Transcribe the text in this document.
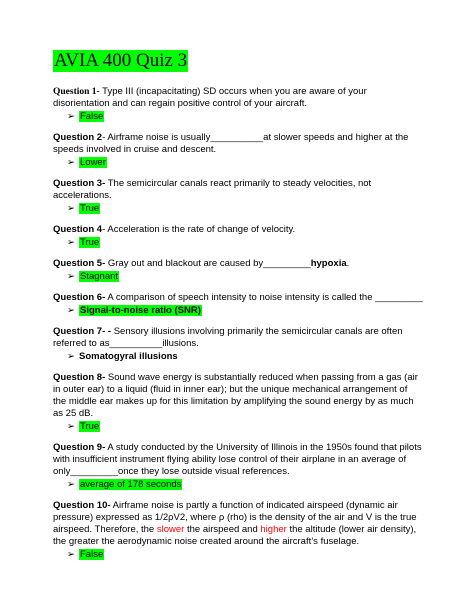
AVIA 400 Quiz 3
Question 1- Type III (incapacitating) SD occurs when you are aware of your disorientation and can regain positive control of your aircraft.
➢ False
Question 2- Airframe noise is usually__________at slower speeds and higher at the speeds involved in cruise and descent.
➢ Lower
Question 3- The semicircular canals react primarily to steady velocities, not accelerations.
➢ True
Question 4- Acceleration is the rate of change of velocity.
➢ True
Question 5- Gray out and blackout are caused by_________hypoxia.
➢ Stagnant
Question 6- A comparison of speech intensity to noise intensity is called the _________
➢ Signal-to-noise ratio (SNR)
Question 7- - Sensory illusions involving primarily the semicircular canals are often referred to as__________illusions.
➢ Somatogyral illusions
Question 8- Sound wave energy is substantially reduced when passing from a gas (air in outer ear) to a liquid (fluid in inner ear); but the unique mechanical arrangement of the middle ear makes up for this limitation by amplifying the sound energy by as much as 25 dB.
➢ True
Question 9- A study conducted by the University of Illinois in the 1950s found that pilots with insufficient instrument flying ability lose control of their airplane in an average of only_________once they lose outside visual references.
➢ average of 178 seconds
Question 10- Airframe noise is partly a function of indicated airspeed (dynamic air pressure) expressed as 1/2ρV2, where ρ (rho) is the density of the air and V is the true airspeed. Therefore, the slower the airspeed and higher the altitude (lower air density), the greater the aerodynamic noise created around the aircraft’s fuselage.
➢ False
